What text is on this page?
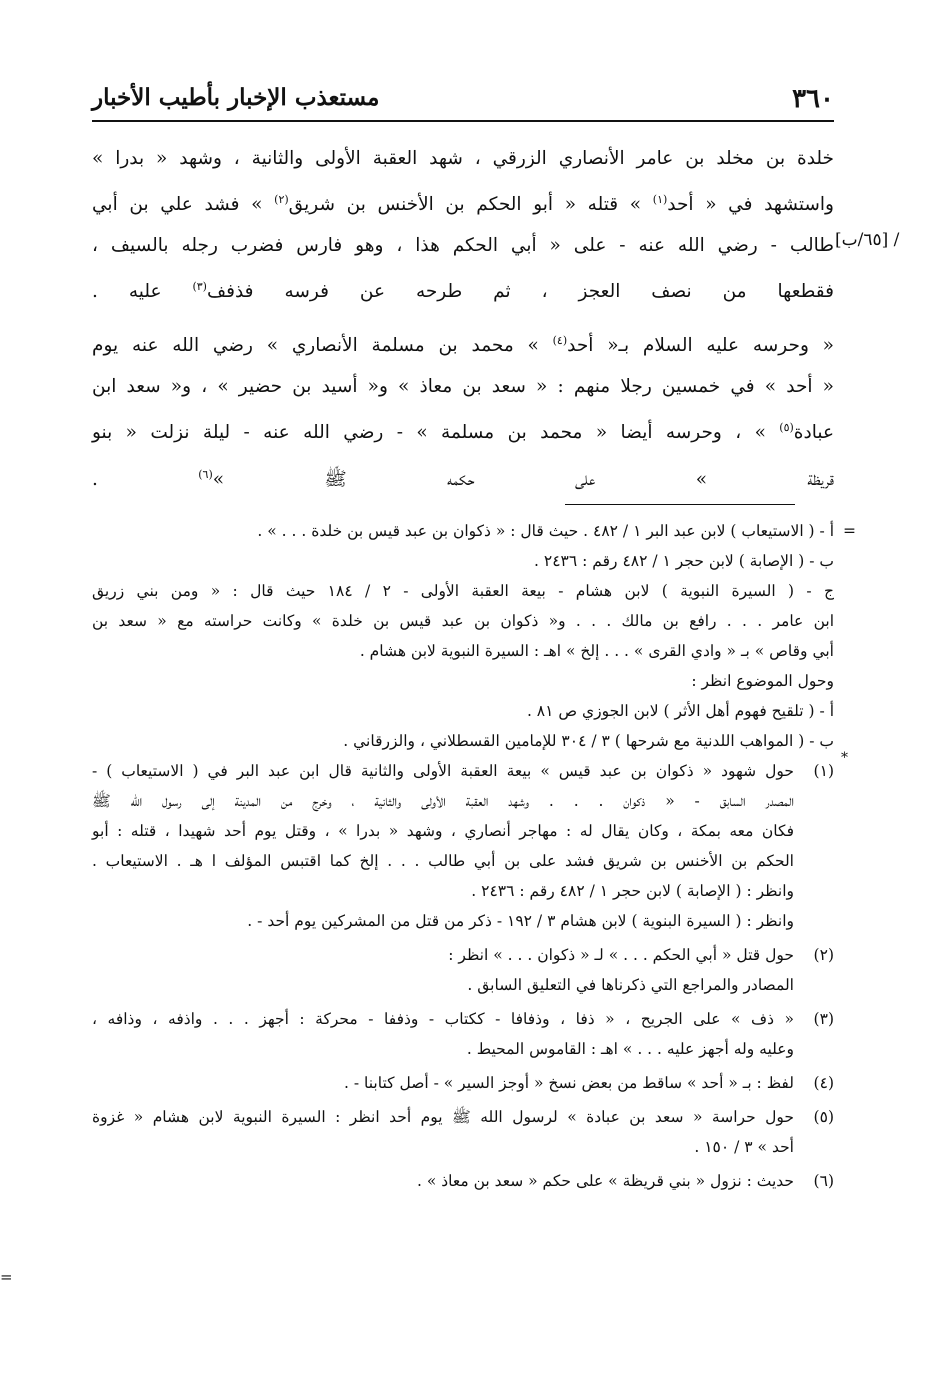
٣٦٠
مستعذب الإخبار بأطيب الأخبار
[٦٥/ب] /
خلدة بن مخلد بن عامر الأنصاري الزرقي ، شهد العقبة الأولى والثانية ، وشهد « بدرا »
واستشهد في « أحد$^{(١)}$ » قتله « أبو الحكم بن الأخنس بن شريق$^{(٢)}$ » فشد علي بن أبي
طالب - رضي الله عنه - على « أبي الحكم هذا ، وهو فارس فضرب رجله بالسيف ،
فقطعها من نصف العجز ، ثم طرحه عن فرسه فذفف$^{(٣)}$ عليه .
« وحرسه عليه السلام بـ« أحد$^{(٤)}$ » محمد بن مسلمة الأنصاري » رضي الله عنه يوم
« أحد » في خمسين رجلا منهم : « سعد بن معاذ » و« أسيد بن حضير » ، و« سعد ابن
عبادة$^{(٥)}$ » ، وحرسه أيضا « محمد بن مسلمة » - رضي الله عنه - ليلة نزلت « بنو
قريظة » على حكمه ﷺ »$^{(٦)}$ .
=
أ - ( الاستيعاب ) لابن عبد البر ١ / ٤٨٢ . حيث قال : « ذكوان بن عبد قيس بن خلدة . . . » .
ب - ( الإصابة ) لابن حجر ١ / ٤٨٢ رقم : ٢٤٣٦ .
ج - ( السيرة النبوية ) لابن هشام - بيعة العقبة الأولى - ٢ / ١٨٤ حيث قال : « ومن بني زريق
ابن عامر . . . رافع بن مالك . . . و« ذكوان بن عبد قيس بن خلدة » وكانت حراسته مع « سعد بن
أبي وقاص » بـ « وادي القرى » . . . إلخ » اهـ : السيرة النبوية لابن هشام .
وحول الموضوع انظر :
أ - ( تلقيح فهوم أهل الأثر ) لابن الجوزي ص ٨١ .
ب - ( المواهب اللدنية مع شرحها ) ٣ / ٣٠٤ للإمامين القسطلاني ، والزرقاني .
*
(١)
حول شهود « ذكوان بن عبد قيس » بيعة العقبة الأولى والثانية قال ابن عبد البر في ( الاستيعاب ) -
المصدر السابق - « ذكوان . . . وشهد العقبة الأولى والثانية ، وخرج من المدينة إلى رسول الله ﷺ
فكان معه بمكة ، وكان يقال له : مهاجر أنصاري ، وشهد « بدرا » ، وقتل يوم أحد شهيدا ، قتله : أبو
الحكم بن الأخنس بن شريق فشد على بن أبي طالب . . . إلخ كما اقتبس المؤلف ا هـ . الاستيعاب .
وانظر : ( الإصابة ) لابن حجر ١ / ٤٨٢ رقم : ٢٤٣٦ .
وانظر : ( السيرة البنوية ) لابن هشام ٣ / ١٩٢ - ذكر من قتل من المشركين يوم أحد - .
(٢)
حول قتل « أبي الحكم . . . » لـ « ذكوان . . . » انظر :
المصادر والمراجع التي ذكرناها في التعليق السابق .
(٣)
« ذف » على الجريح ، « ذفا ، وذفافا - ككتاب - وذففا - محركة : أجهز . . . واذفه ، وذافه ،
وعليه وله أجهز عليه . . . » اهـ : القاموس المحيط .
(٤)
لفظ : بـ « أحد » ساقط من بعض نسخ « أوجز السير » - أصل كتابنا - .
(٥)
حول حراسة « سعد بن عبادة » لرسول الله ﷺ يوم أحد انظر : السيرة النبوية لابن هشام « غزوة
أحد » ٣ / ١٥٠ .
(٦)
حديث : نزول « بني قريظة » على حكم « سعد بن معاذ » .
=
